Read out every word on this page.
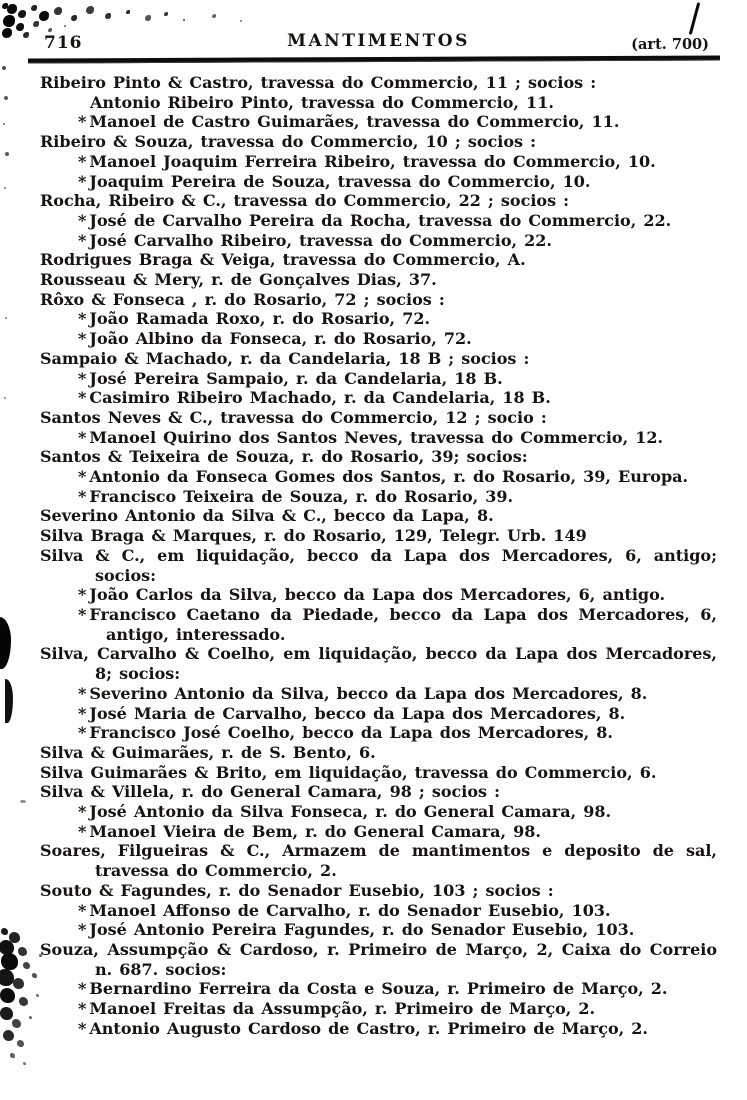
716	MANTIMENTOS	(art. 700)
Ribeiro Pinto & Castro, travessa do Commercio, 11 ; socios :
Antonio Ribeiro Pinto, travessa do Commercio, 11.
* Manoel de Castro Guimarães, travessa do Commercio, 11.
Ribeiro & Souza, travessa do Commercio, 10 ; socios :
* Manoel Joaquim Ferreira Ribeiro, travessa do Commercio, 10.
* Joaquim Pereira de Souza, travessa do Commercio, 10.
Rocha, Ribeiro & C., travessa do Commercio, 22 ; socios :
* José de Carvalho Pereira da Rocha, travessa do Commercio, 22.
* José Carvalho Ribeiro, travessa do Commercio, 22.
Rodrigues Braga & Veiga, travessa do Commercio, A.
Rousseau & Mery, r. de Gonçalves Dias, 37.
Rôxo & Fonseca , r. do Rosario, 72 ; socios :
* João Ramada Roxo, r. do Rosario, 72.
* João Albino da Fonseca, r. do Rosario, 72.
Sampaio & Machado, r. da Candelaria, 18 B ; socios :
* José Pereira Sampaio, r. da Candelaria, 18 B.
* Casimiro Ribeiro Machado, r. da Candelaria, 18 B.
Santos Neves & C., travessa do Commercio, 12 ; socio :
* Manoel Quirino dos Santos Neves, travessa do Commercio, 12.
Santos & Teixeira de Souza, r. do Rosario, 39; socios:
* Antonio da Fonseca Gomes dos Santos, r. do Rosario, 39, Europa.
* Francisco Teixeira de Souza, r. do Rosario, 39.
Severino Antonio da Silva & C., becco da Lapa, 8.
Silva Braga & Marques, r. do Rosario, 129, Telegr. Urb. 149
Silva & C., em liquidação, becco da Lapa dos Mercadores, 6, antigo; socios:
* João Carlos da Silva, becco da Lapa dos Mercadores, 6, antigo.
* Francisco Caetano da Piedade, becco da Lapa dos Mercadores, 6, antigo, interessado.
Silva, Carvalho & Coelho, em liquidação, becco da Lapa dos Mercadores, 8; socios:
* Severino Antonio da Silva, becco da Lapa dos Mercadores, 8.
* José Maria de Carvalho, becco da Lapa dos Mercadores, 8.
* Francisco José Coelho, becco da Lapa dos Mercadores, 8.
Silva & Guimarães, r. de S. Bento, 6.
Silva Guimarães & Brito, em liquidação, travessa do Commercio, 6.
Silva & Villela, r. do General Camara, 98 ; socios :
* José Antonio da Silva Fonseca, r. do General Camara, 98.
* Manoel Vieira de Bem, r. do General Camara, 98.
Soares, Filgueiras & C., Armazem de mantimentos e deposito de sal, travessa do Commercio, 2.
Souto & Fagundes, r. do Senador Eusebio, 103 ; socios :
* Manoel Affonso de Carvalho, r. do Senador Eusebio, 103.
* José Antonio Pereira Fagundes, r. do Senador Eusebio, 103.
Souza, Assumpção & Cardoso, r. Primeiro de Março, 2, Caixa do Correio n. 687. socios:
* Bernardino Ferreira da Costa e Souza, r. Primeiro de Março, 2.
* Manoel Freitas da Assumpção, r. Primeiro de Março, 2.
* Antonio Augusto Cardoso de Castro, r. Primeiro de Março, 2.
